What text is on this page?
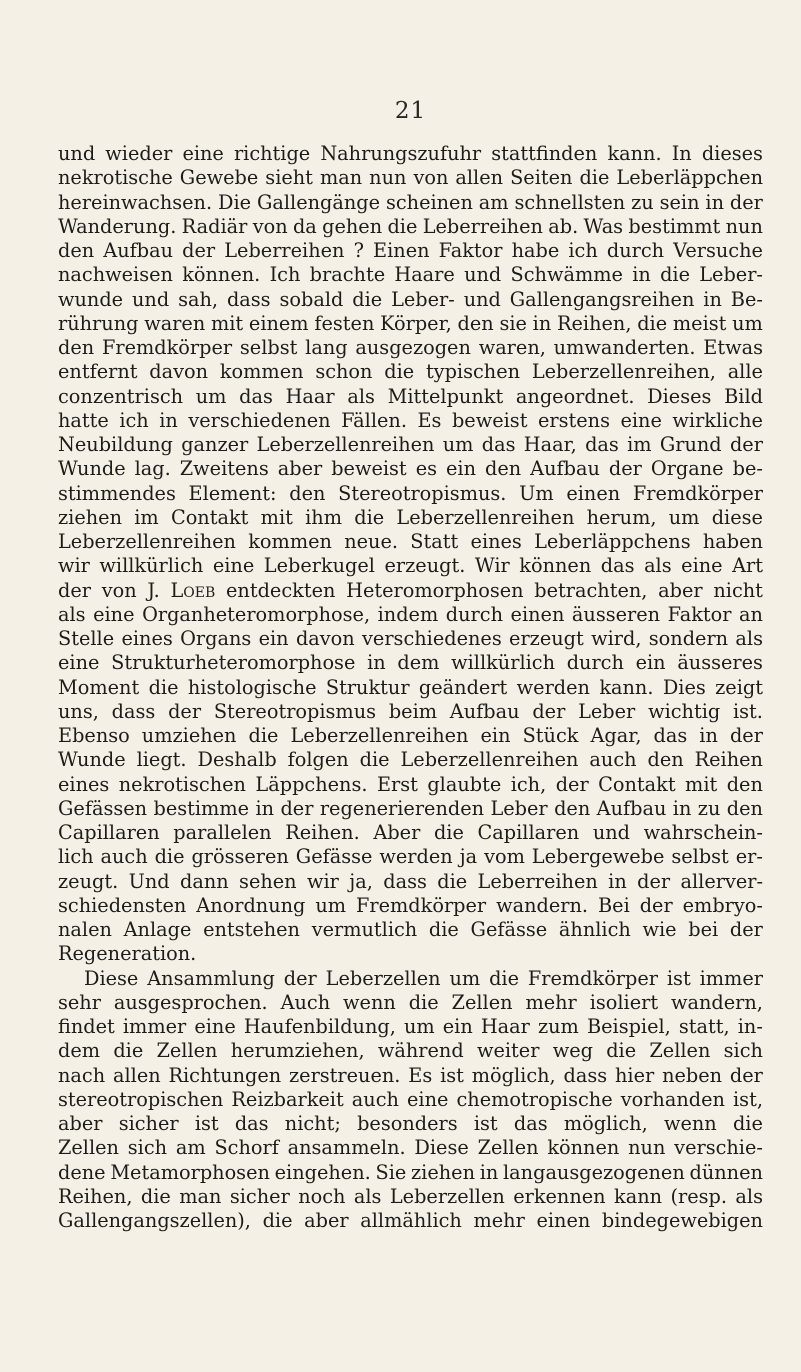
21
und wieder eine richtige Nahrungszufuhr stattfinden kann. In dieses
nekrotische Gewebe sieht man nun von allen Seiten die Leberläppchen
hereinwachsen. Die Gallengänge scheinen am schnellsten zu sein in der
Wanderung. Radiär von da gehen die Leberreihen ab. Was bestimmt nun
den Aufbau der Leberreihen ? Einen Faktor habe ich durch Versuche
nachweisen können. Ich brachte Haare und Schwämme in die Leber-
wunde und sah, dass sobald die Leber- und Gallengangsreihen in Be-
rührung waren mit einem festen Körper, den sie in Reihen, die meist um
den Fremdkörper selbst lang ausgezogen waren, umwanderten. Etwas
entfernt davon kommen schon die typischen Leberzellenreihen, alle
conzentrisch um das Haar als Mittelpunkt angeordnet. Dieses Bild
hatte ich in verschiedenen Fällen. Es beweist erstens eine wirkliche
Neubildung ganzer Leberzellenreihen um das Haar, das im Grund der
Wunde lag. Zweitens aber beweist es ein den Aufbau der Organe be-
stimmendes Element: den Stereotropismus. Um einen Fremdkörper
ziehen im Contakt mit ihm die Leberzellenreihen herum, um diese
Leberzellenreihen kommen neue. Statt eines Leberläppchens haben
wir willkürlich eine Leberkugel erzeugt. Wir können das als eine Art
der von J. Loeb entdeckten Heteromorphosen betrachten, aber nicht
als eine Organheteromorphose, indem durch einen äusseren Faktor an
Stelle eines Organs ein davon verschiedenes erzeugt wird, sondern als
eine Strukturheteromorphose in dem willkürlich durch ein äusseres
Moment die histologische Struktur geändert werden kann. Dies zeigt
uns, dass der Stereotropismus beim Aufbau der Leber wichtig ist.
Ebenso umziehen die Leberzellenreihen ein Stück Agar, das in der
Wunde liegt. Deshalb folgen die Leberzellenreihen auch den Reihen
eines nekrotischen Läppchens. Erst glaubte ich, der Contakt mit den
Gefässen bestimme in der regenerierenden Leber den Aufbau in zu den
Capillaren parallelen Reihen. Aber die Capillaren und wahrschein-
lich auch die grösseren Gefässe werden ja vom Lebergewebe selbst er-
zeugt. Und dann sehen wir ja, dass die Leberreihen in der allerver-
schiedensten Anordnung um Fremdkörper wandern. Bei der embryo-
nalen Anlage entstehen vermutlich die Gefässe ähnlich wie bei der
Regeneration.
Diese Ansammlung der Leberzellen um die Fremdkörper ist immer
sehr ausgesprochen. Auch wenn die Zellen mehr isoliert wandern,
findet immer eine Haufenbildung, um ein Haar zum Beispiel, statt, in-
dem die Zellen herumziehen, während weiter weg die Zellen sich
nach allen Richtungen zerstreuen. Es ist möglich, dass hier neben der
stereotropischen Reizbarkeit auch eine chemotropische vorhanden ist,
aber sicher ist das nicht; besonders ist das möglich, wenn die
Zellen sich am Schorf ansammeln. Diese Zellen können nun verschie-
dene Metamorphosen eingehen. Sie ziehen in langausgezogenen dünnen
Reihen, die man sicher noch als Leberzellen erkennen kann (resp. als
Gallengangszellen), die aber allmählich mehr einen bindegewebigen
